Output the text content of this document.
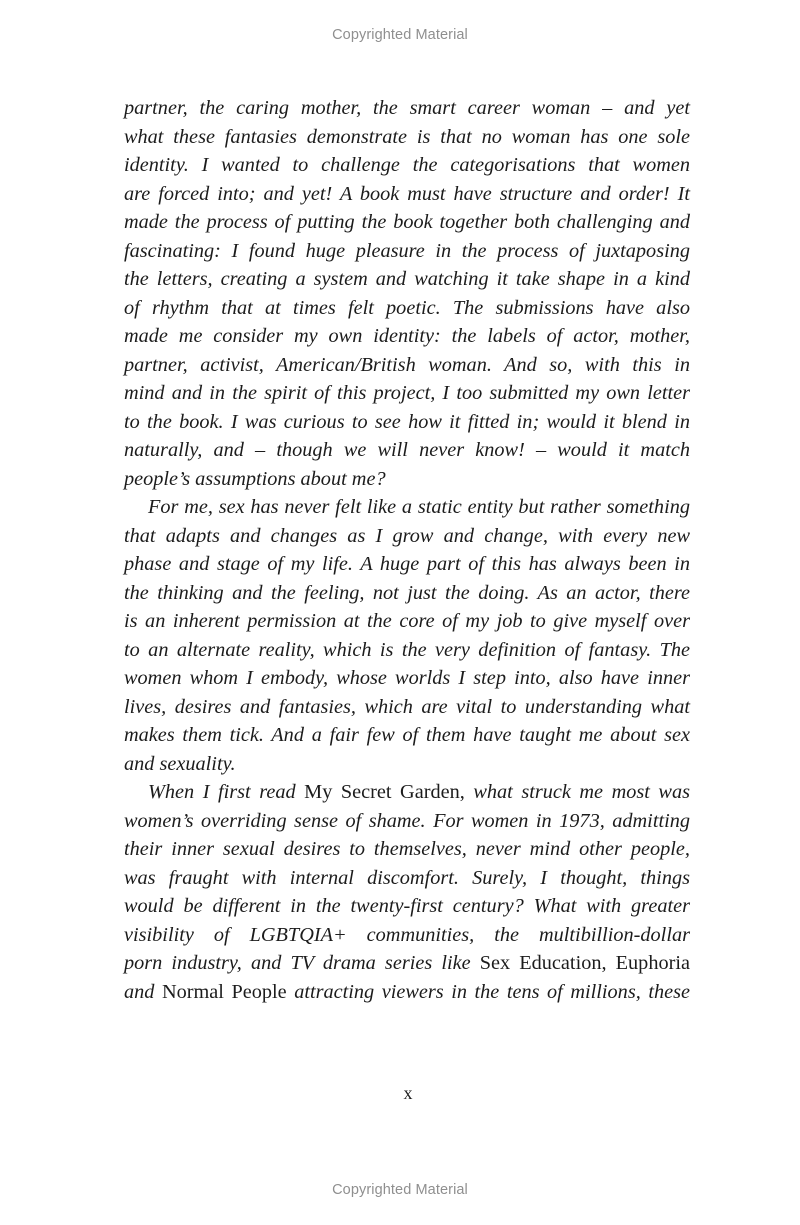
Copyrighted Material
partner, the caring mother, the smart career woman – and yet
what these fantasies demonstrate is that no woman has one sole
identity. I wanted to challenge the categorisations that women
are forced into; and yet! A book must have structure and order! It
made the process of putting the book together both challenging and
fascinating: I found huge pleasure in the process of juxtaposing
the letters, creating a system and watching it take shape in a kind
of rhythm that at times felt poetic. The submissions have also
made me consider my own identity: the labels of actor, mother,
partner, activist, American/British woman. And so, with this in
mind and in the spirit of this project, I too submitted my own letter
to the book. I was curious to see how it fitted in; would it blend in
naturally, and – though we will never know! – would it match
people’s assumptions about me?
For me, sex has never felt like a static entity but rather something
that adapts and changes as I grow and change, with every new
phase and stage of my life. A huge part of this has always been in
the thinking and the feeling, not just the doing. As an actor, there
is an inherent permission at the core of my job to give myself over
to an alternate reality, which is the very definition of fantasy. The
women whom I embody, whose worlds I step into, also have inner
lives, desires and fantasies, which are vital to understanding what
makes them tick. And a fair few of them have taught me about sex
and sexuality.
When I first read My Secret Garden, what struck me most was
women’s overriding sense of shame. For women in 1973, admitting
their inner sexual desires to themselves, never mind other people,
was fraught with internal discomfort. Surely, I thought, things
would be different in the twenty-first century? What with greater
visibility of LGBTQIA+ communities, the multibillion-dollar
porn industry, and TV drama series like Sex Education, Euphoria
and Normal People attracting viewers in the tens of millions, these
x
Copyrighted Material
